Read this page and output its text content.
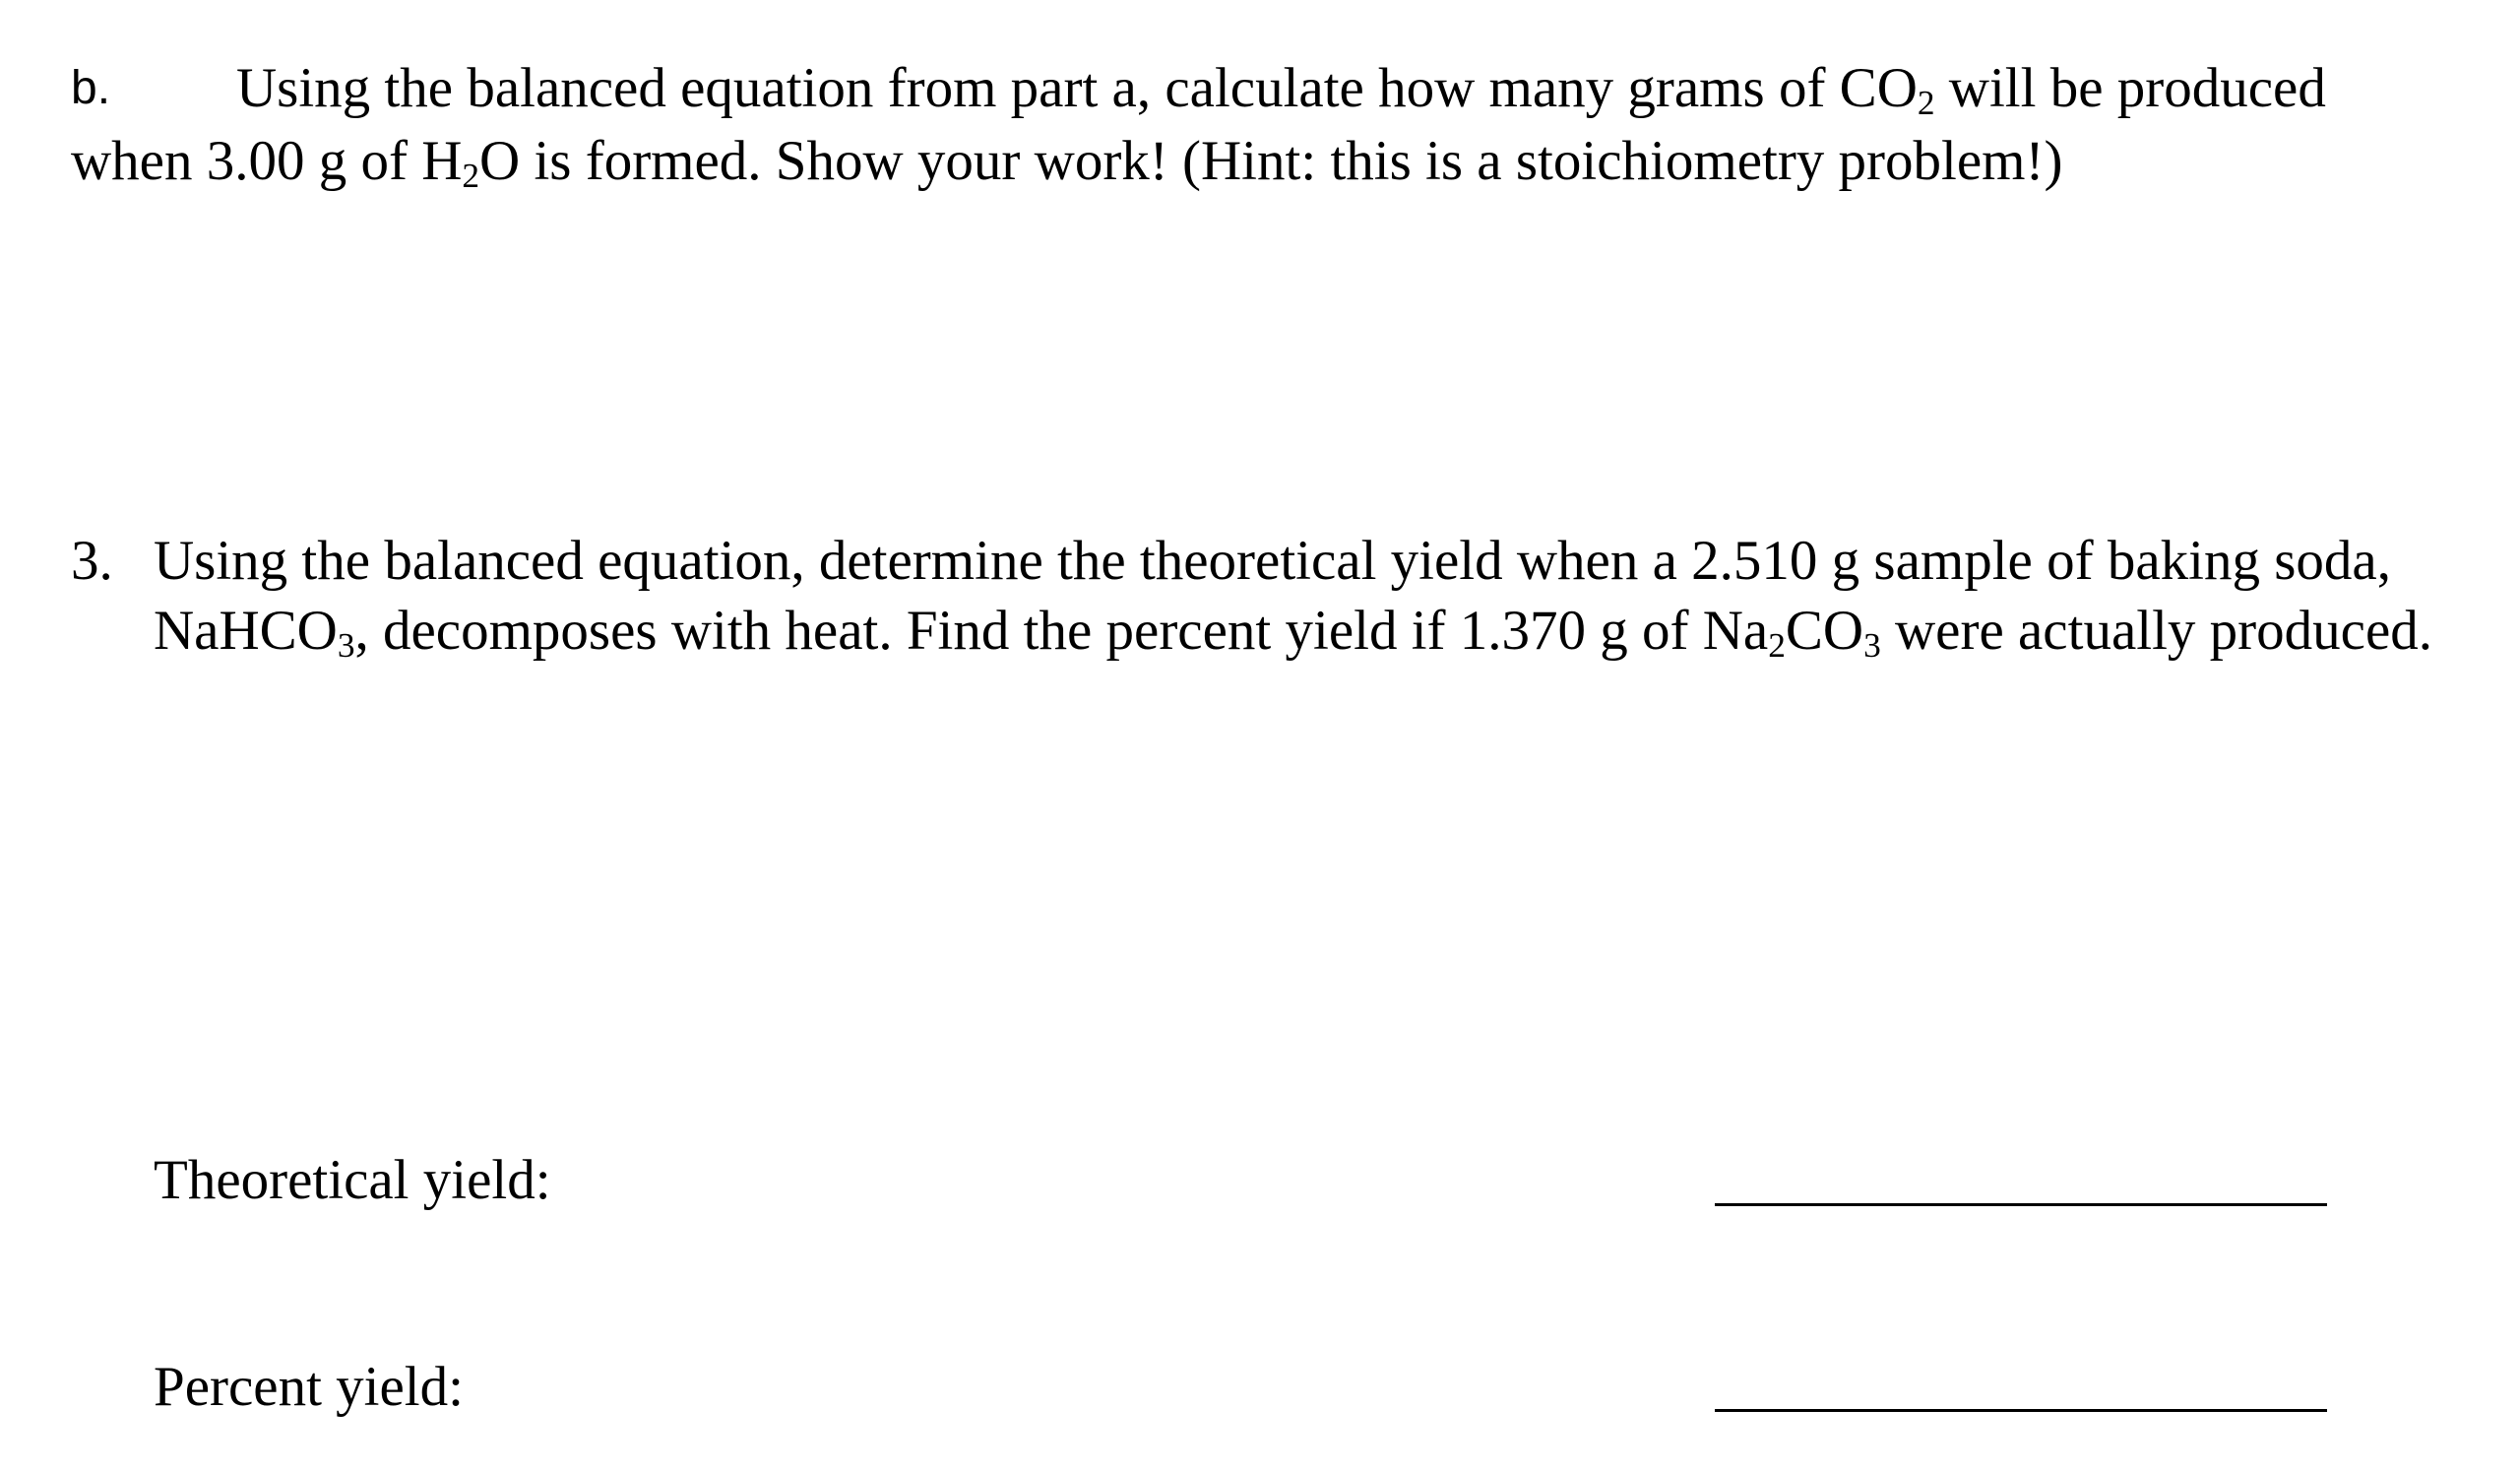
b. Using the balanced equation from part a, calculate how many grams of $CO_2$ will be produced
when 3.00 g of $H_2O$ is formed. Show your work! (Hint: this is a stoichiometry problem!)
3. Using the balanced equation, determine the theoretical yield when a 2.510 g sample of baking soda,
NaHCO$_3$, decomposes with heat. Find the percent yield if 1.370 g of $Na_2CO_3$ were actually produced.
Theoretical yield:
Percent yield:
